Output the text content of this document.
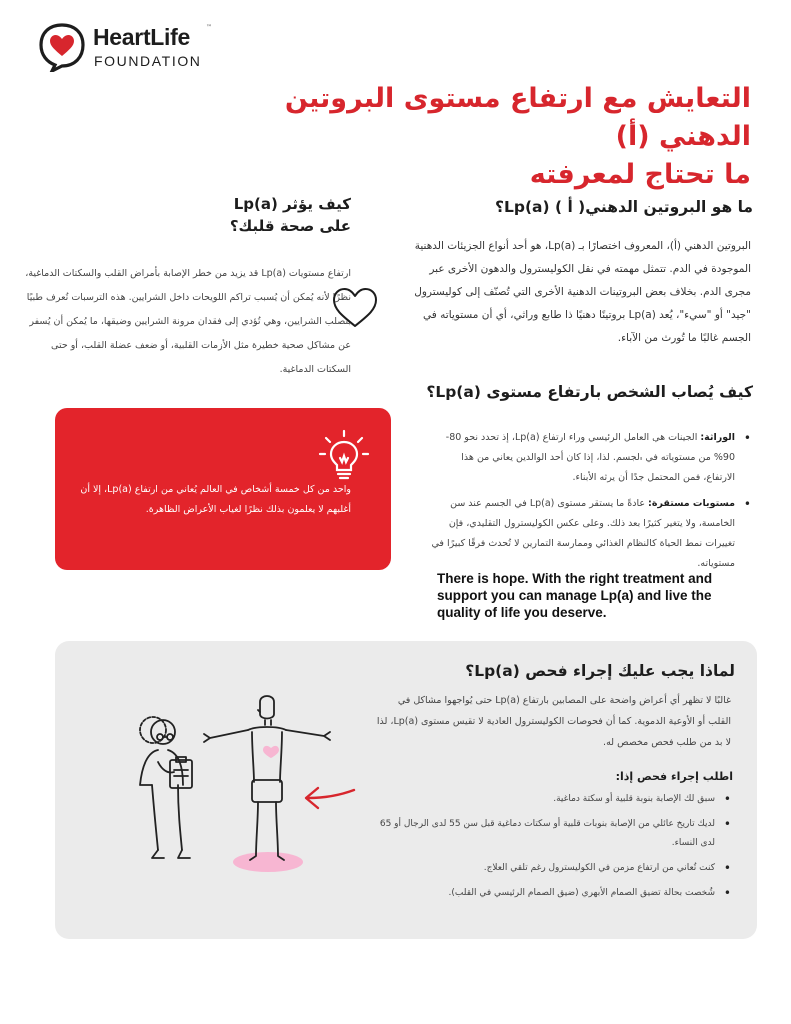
HeartLife	™
FOUNDATION
التعايش مع ارتفاع مستوى البروتين الدهني (أ)
ما تحتاج لمعرفته
ما هو البروتين الدهني( أ ) (Lp(a؟

البروتين الدهني (أ)، المعروف اختصارًا بـ (Lp(a، هو أحد أنواع الجزيئات الدهنية الموجودة في الدم. تتمثل مهمته في نقل الكوليسترول والدهون الأخرى عبر مجرى الدم. بخلاف بعض البروتينات الدهنية الأخرى التي تُصنّف إلى كوليسترول "جيد" أو "سيء"، يُعد (Lp(a بروتينًا دهنيًا ذا طابع وراثي، أي أن مستوياته في الجسم غالبًا ما تُورث من الآباء.

كيف يؤثر (Lp(a
على صحة قلبك؟

ارتفاع مستويات (Lp(a قد يزيد من خطر الإصابة بأمراض القلب والسكتات الدماغية، نظرًا لأنه يُمكن أن يُسبب تراكم اللويحات داخل الشرايين. هذه الترسبات تُعرف طبيًا بتصلب الشرايين، وهي تُؤدي إلى فقدان مرونة الشرايين وضيقها، ما يُمكن أن يُسفر عن مشاكل صحية خطيرة مثل الأزمات القلبية، أو ضعف عضلة القلب، أو حتى السكتات الدماغية.

كيف يُصاب الشخص بارتفاع مستوى (Lp(a؟
• الوراثة: الجينات هي العامل الرئيسي وراء ارتفاع (Lp(a، إذ تحدد نحو 80-90% من مستوياته في الجسم. لذا، إذا كان أحد الوالدين يعاني من هذا الارتفاع، فمن المحتمل جدًا أن يرثه الأبناء.
• مستويات مستقرة: عادةً ما يستقر مستوى (Lp(a في الجسم عند سن الخامسة، ولا يتغير كثيرًا بعد ذلك. وعلى عكس الكوليسترول التقليدي، فإن تغييرات نمط الحياة كالنظام الغذائي وممارسة التمارين لا تُحدث فرقًا كبيرًا في مستوياته.
هل تعلم؟

واحد من كل خمسة أشخاص في العالم يُعاني من ارتفاع (Lp(a، إلا أن أغلبهم لا يعلمون بذلك نظرًا لغياب الأعراض الظاهرة.

There is hope. With the right treatment and support you can manage Lp(a) and live the quality of life you deserve.

لماذا يجب عليك إجراء فحص (Lp(a؟

غالبًا لا تظهر أي أعراض واضحة على المصابين بارتفاع (Lp(a حتى يُواجهوا مشاكل في القلب أو الأوعية الدموية. كما أن فحوصات الكوليسترول العادية لا تقيس مستوى (Lp(a، لذا لا بد من طلب فحص مخصص له.

اطلب إجراء فحص إذا:
• سبق لك الإصابة بنوبة قلبية أو سكتة دماغية.
• لديك تاريخ عائلي من الإصابة بنوبات قلبية أو سكتات دماغية قبل سن 55 لدى الرجال أو 65 لدى النساء.
• كنت تُعاني من ارتفاع مزمن في الكوليسترول رغم تلقي العلاج.
• شُخصت بحالة تضيق الصمام الأبهري (ضيق الصمام الرئيسي في القلب).
